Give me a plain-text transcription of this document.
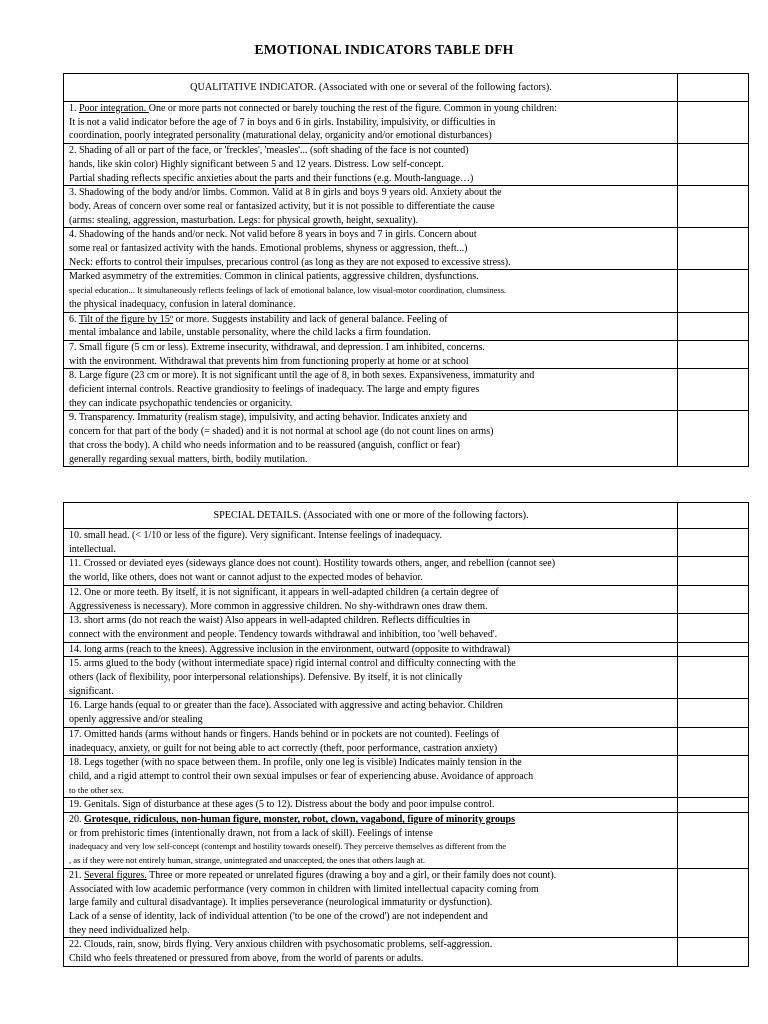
EMOTIONAL INDICATORS TABLE DFH
QUALITATIVE INDICATOR. (Associated with one or several of the following factors).	

1. Poor integration. One or more parts not connected or barely touching the rest of the figure. Common in young children:
It is not a valid indicator before the age of 7 in boys and 6 in girls. Instability, impulsivity, or difficulties in
coordination, poorly integrated personality (maturational delay, organicity and/or emotional disturbances)	

2. Shading of all or part of the face, or 'freckles', 'measles'... (soft shading of the face is not counted)
hands, like skin color) Highly significant between 5 and 12 years. Distress. Low self-concept.
Partial shading reflects specific anxieties about the parts and their functions (e.g. Mouth-language…)	

3. Shadowing of the body and/or limbs. Common. Valid at 8 in girls and boys 9 years old. Anxiety about the
body. Areas of concern over some real or fantasized activity, but it is not possible to differentiate the cause
(arms: stealing, aggression, masturbation. Legs: for physical growth, height, sexuality).	

4. Shadowing of the hands and/or neck. Not valid before 8 years in boys and 7 in girls. Concern about
some real or fantasized activity with the hands. Emotional problems, shyness or aggression, theft...)
Neck: efforts to control their impulses, precarious control (as long as they are not exposed to excessive stress).	

Marked asymmetry of the extremities. Common in clinical patients, aggressive children, dysfunctions.
special education... It simultaneously reflects feelings of lack of emotional balance, low visual-motor coordination, clumsiness.
the physical inadequacy, confusion in lateral dominance.	

6. Tilt of the figure by 15º or more. Suggests instability and lack of general balance. Feeling of
mental imbalance and labile, unstable personality, where the child lacks a firm foundation.	

7. Small figure (5 cm or less). Extreme insecurity, withdrawal, and depression. I am inhibited, concerns.
with the environment. Withdrawal that prevents him from functioning properly at home or at school	

8. Large figure (23 cm or more). It is not significant until the age of 8, in both sexes. Expansiveness, immaturity and
deficient internal controls. Reactive grandiosity to feelings of inadequacy. The large and empty figures
they can indicate psychopathic tendencies or organicity.	

9. Transparency. Immaturity (realism stage), impulsivity, and acting behavior. Indicates anxiety and
concern for that part of the body (= shaded) and it is not normal at school age (do not count lines on arms)
that cross the body). A child who needs information and to be reassured (anguish, conflict or fear)
generally regarding sexual matters, birth, bodily mutilation.	

SPECIAL DETAILS. (Associated with one or more of the following factors).	

10. small head. (< 1/10 or less of the figure). Very significant. Intense feelings of inadequacy.
intellectual.	

11. Crossed or deviated eyes (sideways glance does not count). Hostility towards others, anger, and rebellion (cannot see)
the world, like others, does not want or cannot adjust to the expected modes of behavior.	

12. One or more teeth. By itself, it is not significant, it appears in well-adapted children (a certain degree of
Aggressiveness is necessary). More common in aggressive children. No shy-withdrawn ones draw them.	

13. short arms (do not reach the waist) Also appears in well-adapted children. Reflects difficulties in
connect with the environment and people. Tendency towards withdrawal and inhibition, too 'well behaved'.	

14. long arms (reach to the knees). Aggressive inclusion in the environment, outward (opposite to withdrawal)	

15. arms glued to the body (without intermediate space) rigid internal control and difficulty connecting with the
others (lack of flexibility, poor interpersonal relationships). Defensive. By itself, it is not clinically
significant.	

16. Large hands (equal to or greater than the face). Associated with aggressive and acting behavior. Children
openly aggressive and/or stealing	

17. Omitted hands (arms without hands or fingers. Hands behind or in pockets are not counted). Feelings of
inadequacy, anxiety, or guilt for not being able to act correctly (theft, poor performance, castration anxiety)	

18. Legs together (with no space between them. In profile, only one leg is visible) Indicates mainly tension in the
child, and a rigid attempt to control their own sexual impulses or fear of experiencing abuse. Avoidance of approach
to the other sex.	

19. Genitals. Sign of disturbance at these ages (5 to 12). Distress about the body and poor impulse control.	

20. Grotesque, ridiculous, non-human figure, monster, robot, clown, vagabond, figure of minority groups
or from prehistoric times (intentionally drawn, not from a lack of skill). Feelings of intense
inadequacy and very low self-concept (contempt and hostility towards oneself). They perceive themselves as different from the
, as if they were not entirely human, strange, unintegrated and unaccepted, the ones that others laugh at.	

21. Several figures. Three or more repeated or unrelated figures (drawing a boy and a girl, or their family does not count).
Associated with low academic performance (very common in children with limited intellectual capacity coming from
large family and cultural disadvantage). It implies perseverance (neurological immaturity or dysfunction).
Lack of a sense of identity, lack of individual attention ('to be one of the crowd') are not independent and
they need individualized help.	

22. Clouds, rain, snow, birds flying. Very anxious children with psychosomatic problems, self-aggression.
Child who feels threatened or pressured from above, from the world of parents or adults.	
